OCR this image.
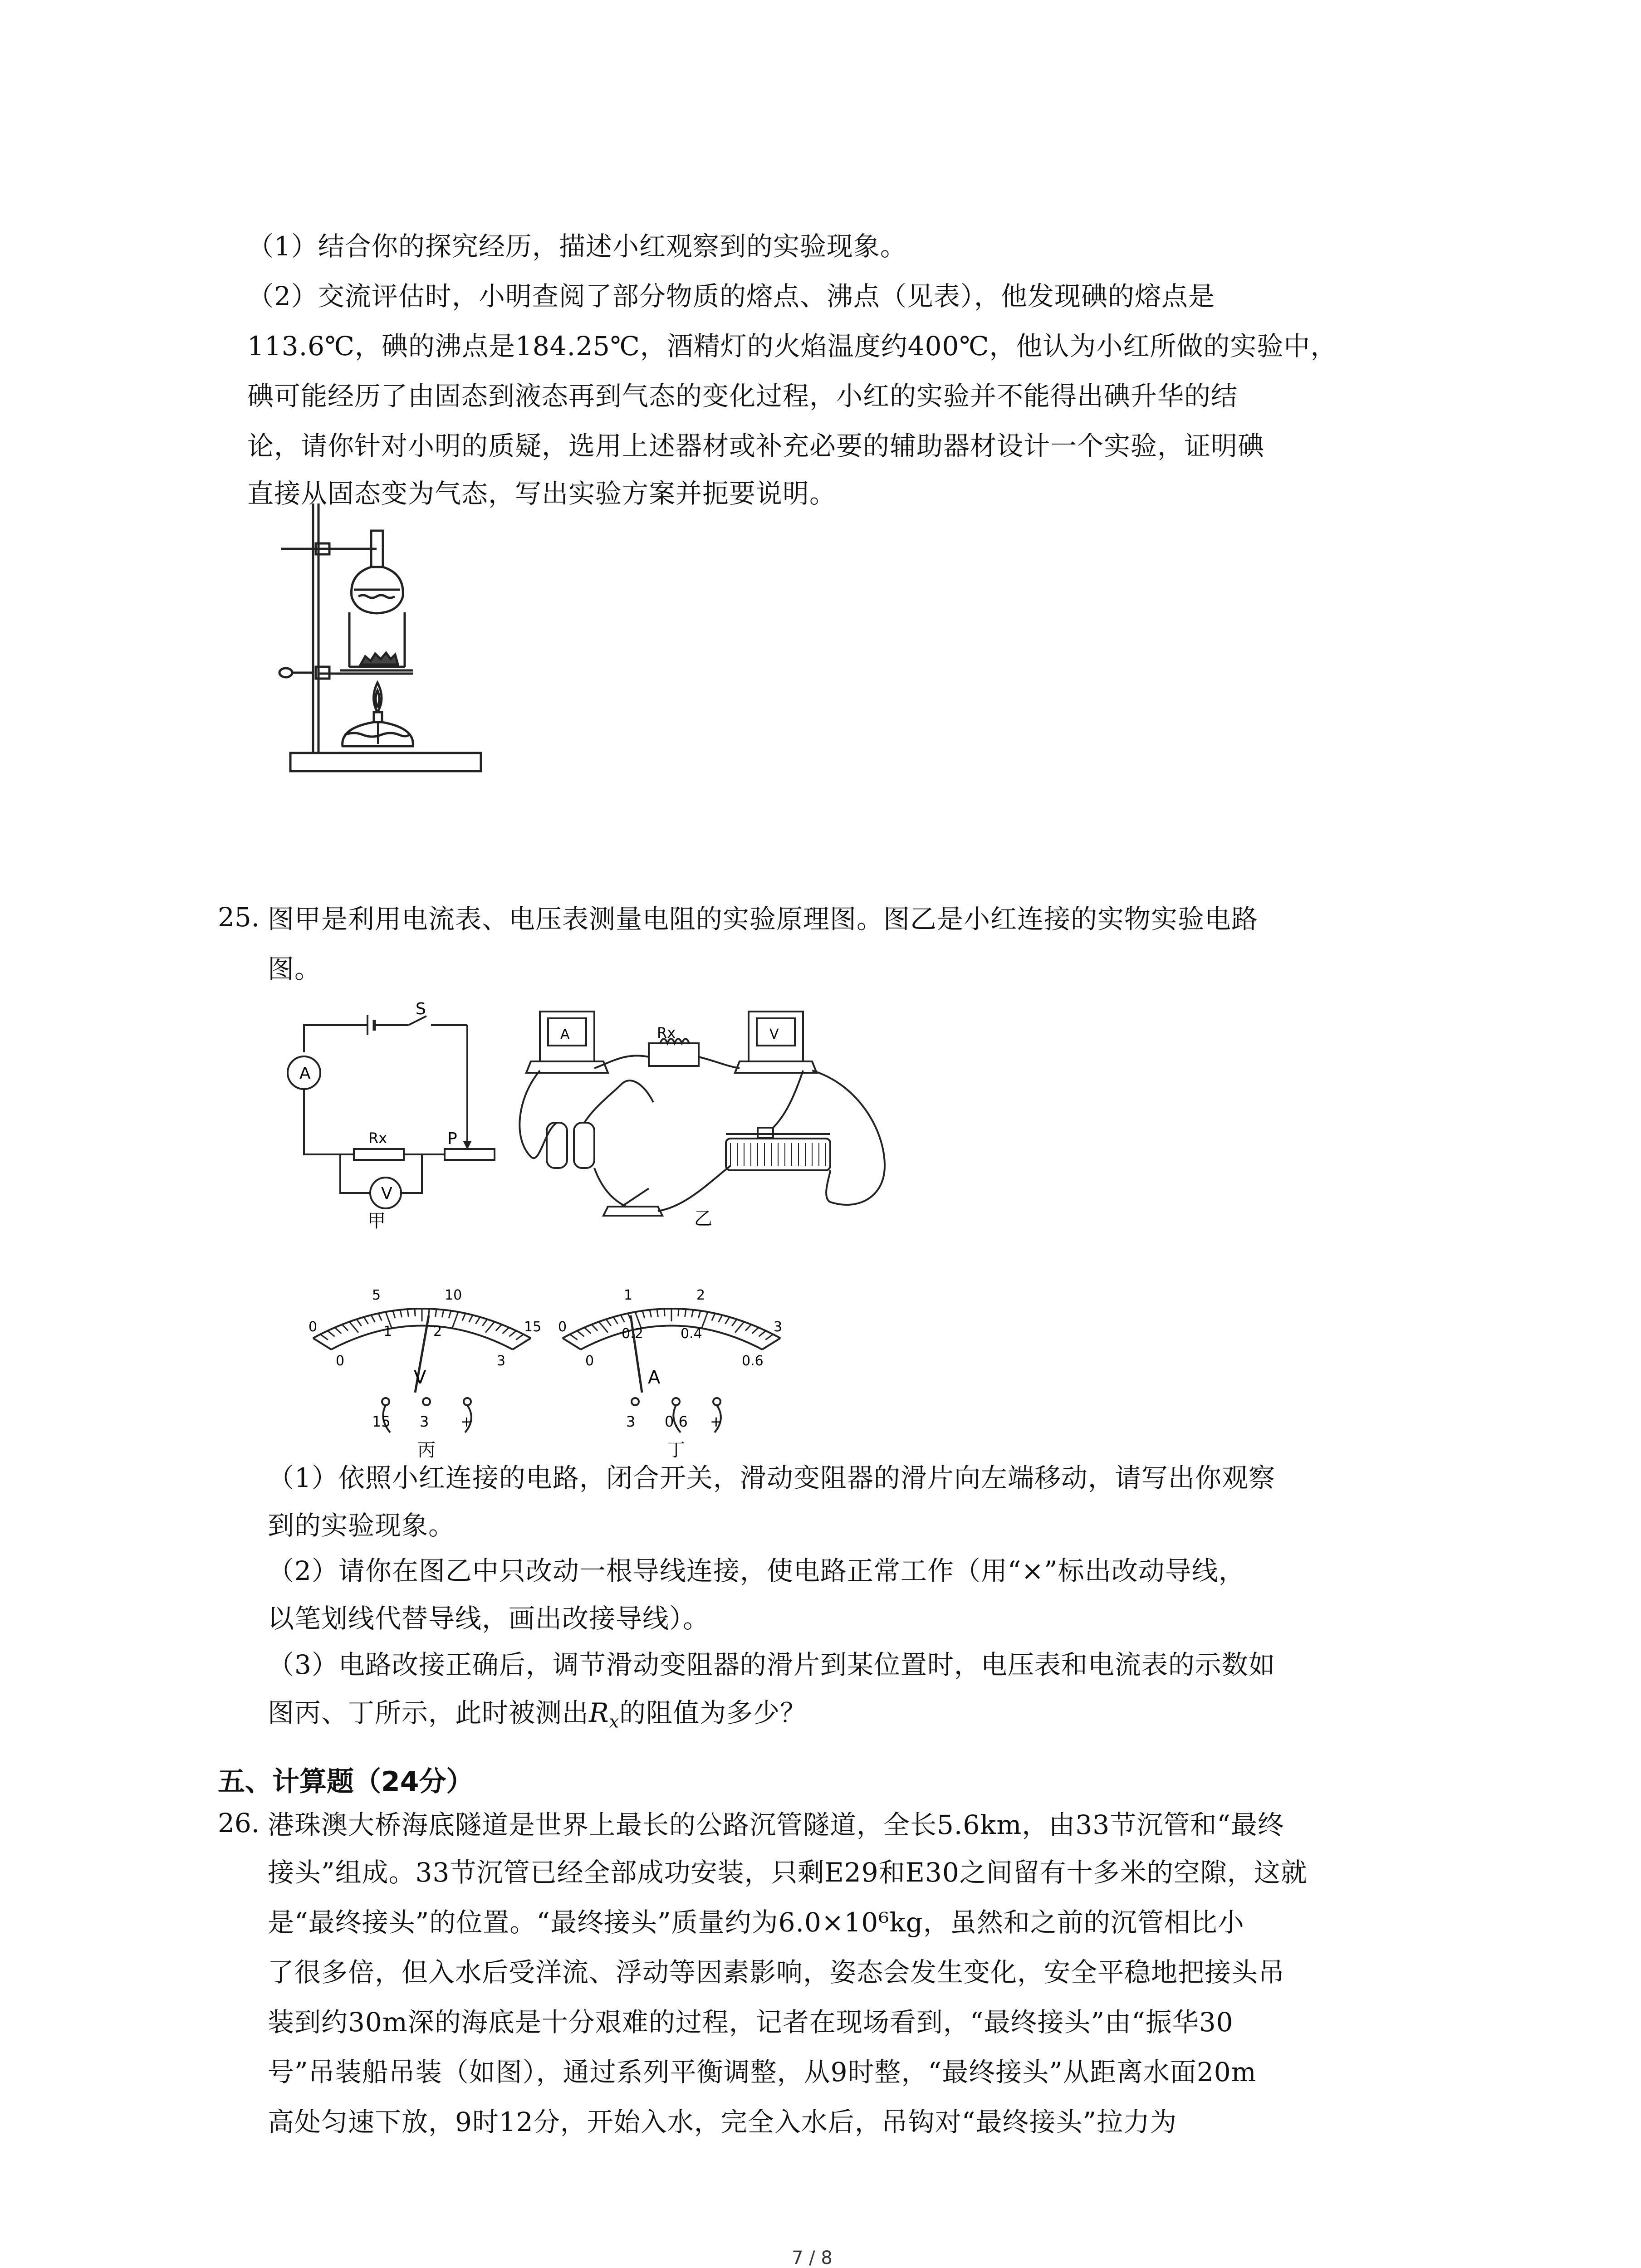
（1）结合你的探究经历，描述小红观察到的实验现象。
（2）交流评估时，小明查阅了部分物质的熔点、沸点（见表），他发现碘的熔点是
113.6℃，碘的沸点是184.25℃，酒精灯的火焰温度约400℃，他认为小红所做的实验中，
碘可能经历了由固态到液态再到气态的变化过程，小红的实验并不能得出碘升华的结
论，请你针对小明的质疑，选用上述器材或补充必要的辅助器材设计一个实验，证明碘
直接从固态变为气态，写出实验方案并扼要说明。
25. 图甲是利用电流表、电压表测量电阻的实验原理图。图乙是小红连接的实物实验电路
图。
A
V
S
Rx	P
甲
Rx
A	V
乙
0
5	10
15
0
1	2
3
V
15 3 +
丙
0
1	2
3
0
0.2	0.4
0.6
A
3 0.6 +
丁
（1）依照小红连接的电路，闭合开关，滑动变阻器的滑片向左端移动，请写出你观察
到的实验现象。
（2）请你在图乙中只改动一根导线连接，使电路正常工作（用“×”标出改动导线，
以笔划线代替导线，画出改接导线）。
（3）电路改接正确后，调节滑动变阻器的滑片到某位置时，电压表和电流表的示数如
图丙、丁所示，此时被测出$R_x$的阻值为多少？
五、计算题（24分）
26. 港珠澳大桥海底隧道是世界上最长的公路沉管隧道，全长5.6km，由33节沉管和“最终
接头”组成。33节沉管已经全部成功安装，只剩E29和E30之间留有十多米的空隙，这就
是“最终接头”的位置。“最终接头”质量约为6.0×10⁶kg，虽然和之前的沉管相比小
了很多倍，但入水后受洋流、浮动等因素影响，姿态会发生变化，安全平稳地把接头吊
装到约30m深的海底是十分艰难的过程，记者在现场看到，“最终接头”由“振华30
号”吊装船吊装（如图），通过系列平衡调整，从9时整，“最终接头”从距离水面20m
高处匀速下放，9时12分，开始入水，完全入水后，吊钩对“最终接头”拉力为
7 / 8
